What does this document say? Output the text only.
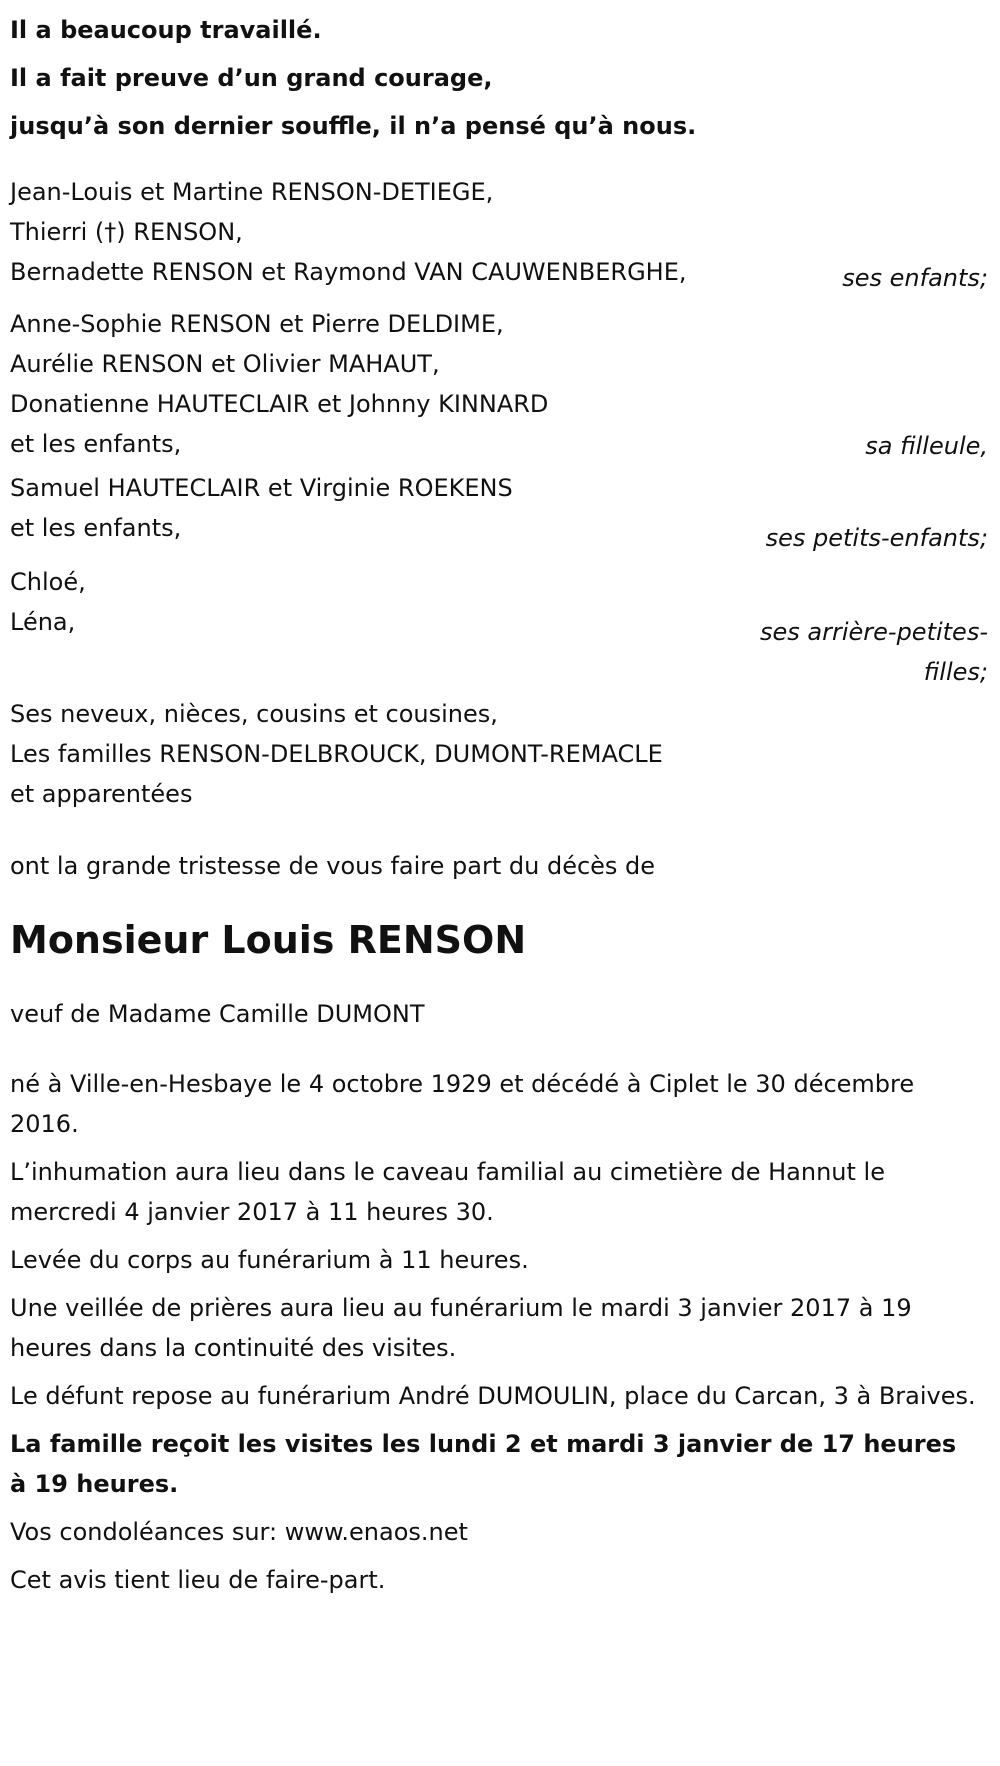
Il a beaucoup travaillé.

Il a fait preuve d’un grand courage,

jusqu’à son dernier souffle, il n’a pensé qu’à nous.

Jean-Louis et Martine RENSON-DETIEGE,

Thierri (†) RENSON,

Bernadette RENSON et Raymond VAN CAUWENBERGHE,	ses enfants;

Anne-Sophie RENSON et Pierre DELDIME,

Aurélie RENSON et Olivier MAHAUT,

Donatienne HAUTECLAIR et Johnny KINNARD

et les enfants,	sa filleule,

Samuel HAUTECLAIR et Virginie ROEKENS

et les enfants,	ses petits-enfants;

Chloé,

Léna,	ses arrière-petites-filles;

Ses neveux, nièces, cousins et cousines,

Les familles RENSON-DELBROUCK, DUMONT-REMACLE

et apparentées

ont la grande tristesse de vous faire part du décès de

Monsieur Louis RENSON

veuf de Madame Camille DUMONT

né à Ville-en-Hesbaye le 4 octobre 1929 et décédé à Ciplet le 30 décembre 2016.

L’inhumation aura lieu dans le caveau familial au cimetière de Hannut le mercredi 4 janvier 2017 à 11 heures 30.

Levée du corps au funérarium à 11 heures.

Une veillée de prières aura lieu au funérarium le mardi 3 janvier 2017 à 19 heures dans la continuité des visites.

Le défunt repose au funérarium André DUMOULIN, place du Carcan, 3 à Braives.

La famille reçoit les visites les lundi 2 et mardi 3 janvier de 17 heures à 19 heures.

Vos condoléances sur: www.enaos.net

Cet avis tient lieu de faire-part.
